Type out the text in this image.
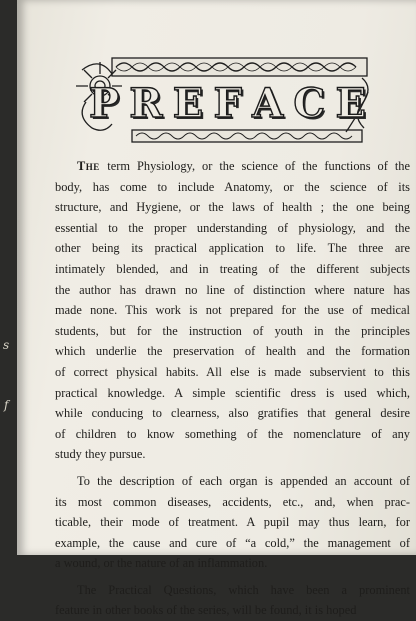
s
f
P R E F A C E
The term Physiology, or the science of the functions of the
body, has come to include Anatomy, or the science of its
structure, and Hygiene, or the laws of health ; the one being
essential to the proper understanding of physiology, and the
other being its practical application to life. The three are
intimately blended, and in treating of the different subjects
the author has drawn no line of distinction where nature has
made none. This work is not prepared for the use of medical
students, but for the instruction of youth in the principles
which underlie the preservation of health and the formation
of correct physical habits. All else is made subservient to this
practical knowledge. A simple scientific dress is used which,
while conducing to clearness, also gratifies that general desire
of children to know something of the nomenclature of any
study they pursue.
To the description of each organ is appended an account of
its most common diseases, accidents, etc., and, when prac-
ticable, their mode of treatment. A pupil may thus learn, for
example, the cause and cure of “a cold,” the management of
a wound, or the nature of an inflammation.
The Practical Questions, which have been a prominent
feature in other books of the series, will be found, it is hoped
